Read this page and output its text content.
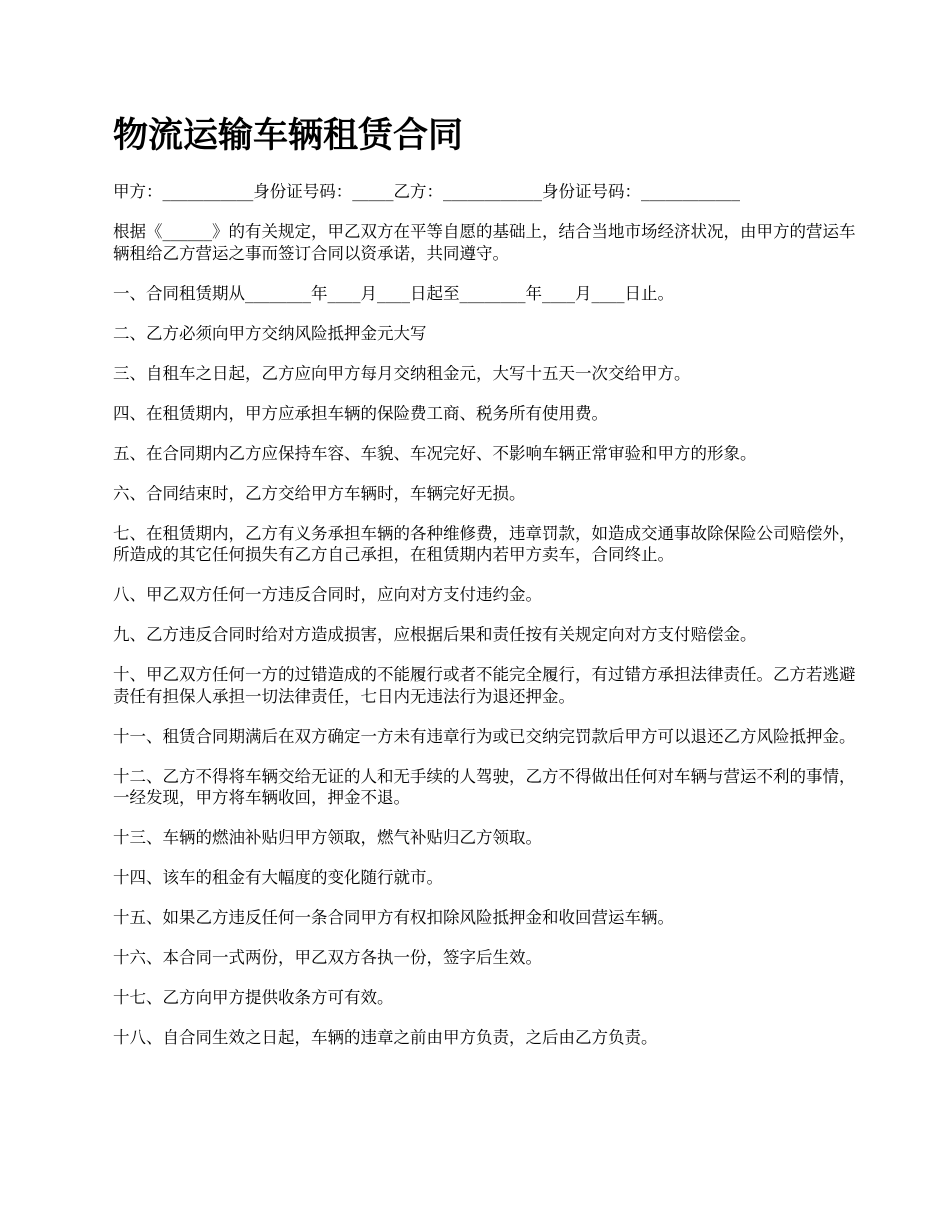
物流运输车辆租赁合同

甲方：___________身份证号码：_____乙方：____________身份证号码：____________

根据《______》的有关规定，甲乙双方在平等自愿的基础上，结合当地市场经济状况，由甲方的营运车辆租给乙方营运之事而签订合同以资承诺，共同遵守。

一、合同租赁期从________年____月____日起至________年____月____日止。

二、乙方必须向甲方交纳风险抵押金元大写

三、自租车之日起，乙方应向甲方每月交纳租金元，大写十五天一次交给甲方。

四、在租赁期内，甲方应承担车辆的保险费工商、税务所有使用费。

五、在合同期内乙方应保持车容、车貌、车况完好、不影响车辆正常审验和甲方的形象。

六、合同结束时，乙方交给甲方车辆时，车辆完好无损。

七、在租赁期内，乙方有义务承担车辆的各种维修费，违章罚款，如造成交通事故除保险公司赔偿外，所造成的其它任何损失有乙方自己承担，在租赁期内若甲方卖车，合同终止。

八、甲乙双方任何一方违反合同时，应向对方支付违约金。

九、乙方违反合同时给对方造成损害，应根据后果和责任按有关规定向对方支付赔偿金。

十、甲乙双方任何一方的过错造成的不能履行或者不能完全履行，有过错方承担法律责任。乙方若逃避责任有担保人承担一切法律责任，七日内无违法行为退还押金。

十一、租赁合同期满后在双方确定一方未有违章行为或已交纳完罚款后甲方可以退还乙方风险抵押金。

十二、乙方不得将车辆交给无证的人和无手续的人驾驶，乙方不得做出任何对车辆与营运不利的事情，一经发现，甲方将车辆收回，押金不退。

十三、车辆的燃油补贴归甲方领取，燃气补贴归乙方领取。

十四、该车的租金有大幅度的变化随行就市。

十五、如果乙方违反任何一条合同甲方有权扣除风险抵押金和收回营运车辆。

十六、本合同一式两份，甲乙双方各执一份，签字后生效。

十七、乙方向甲方提供收条方可有效。

十八、自合同生效之日起，车辆的违章之前由甲方负责，之后由乙方负责。
